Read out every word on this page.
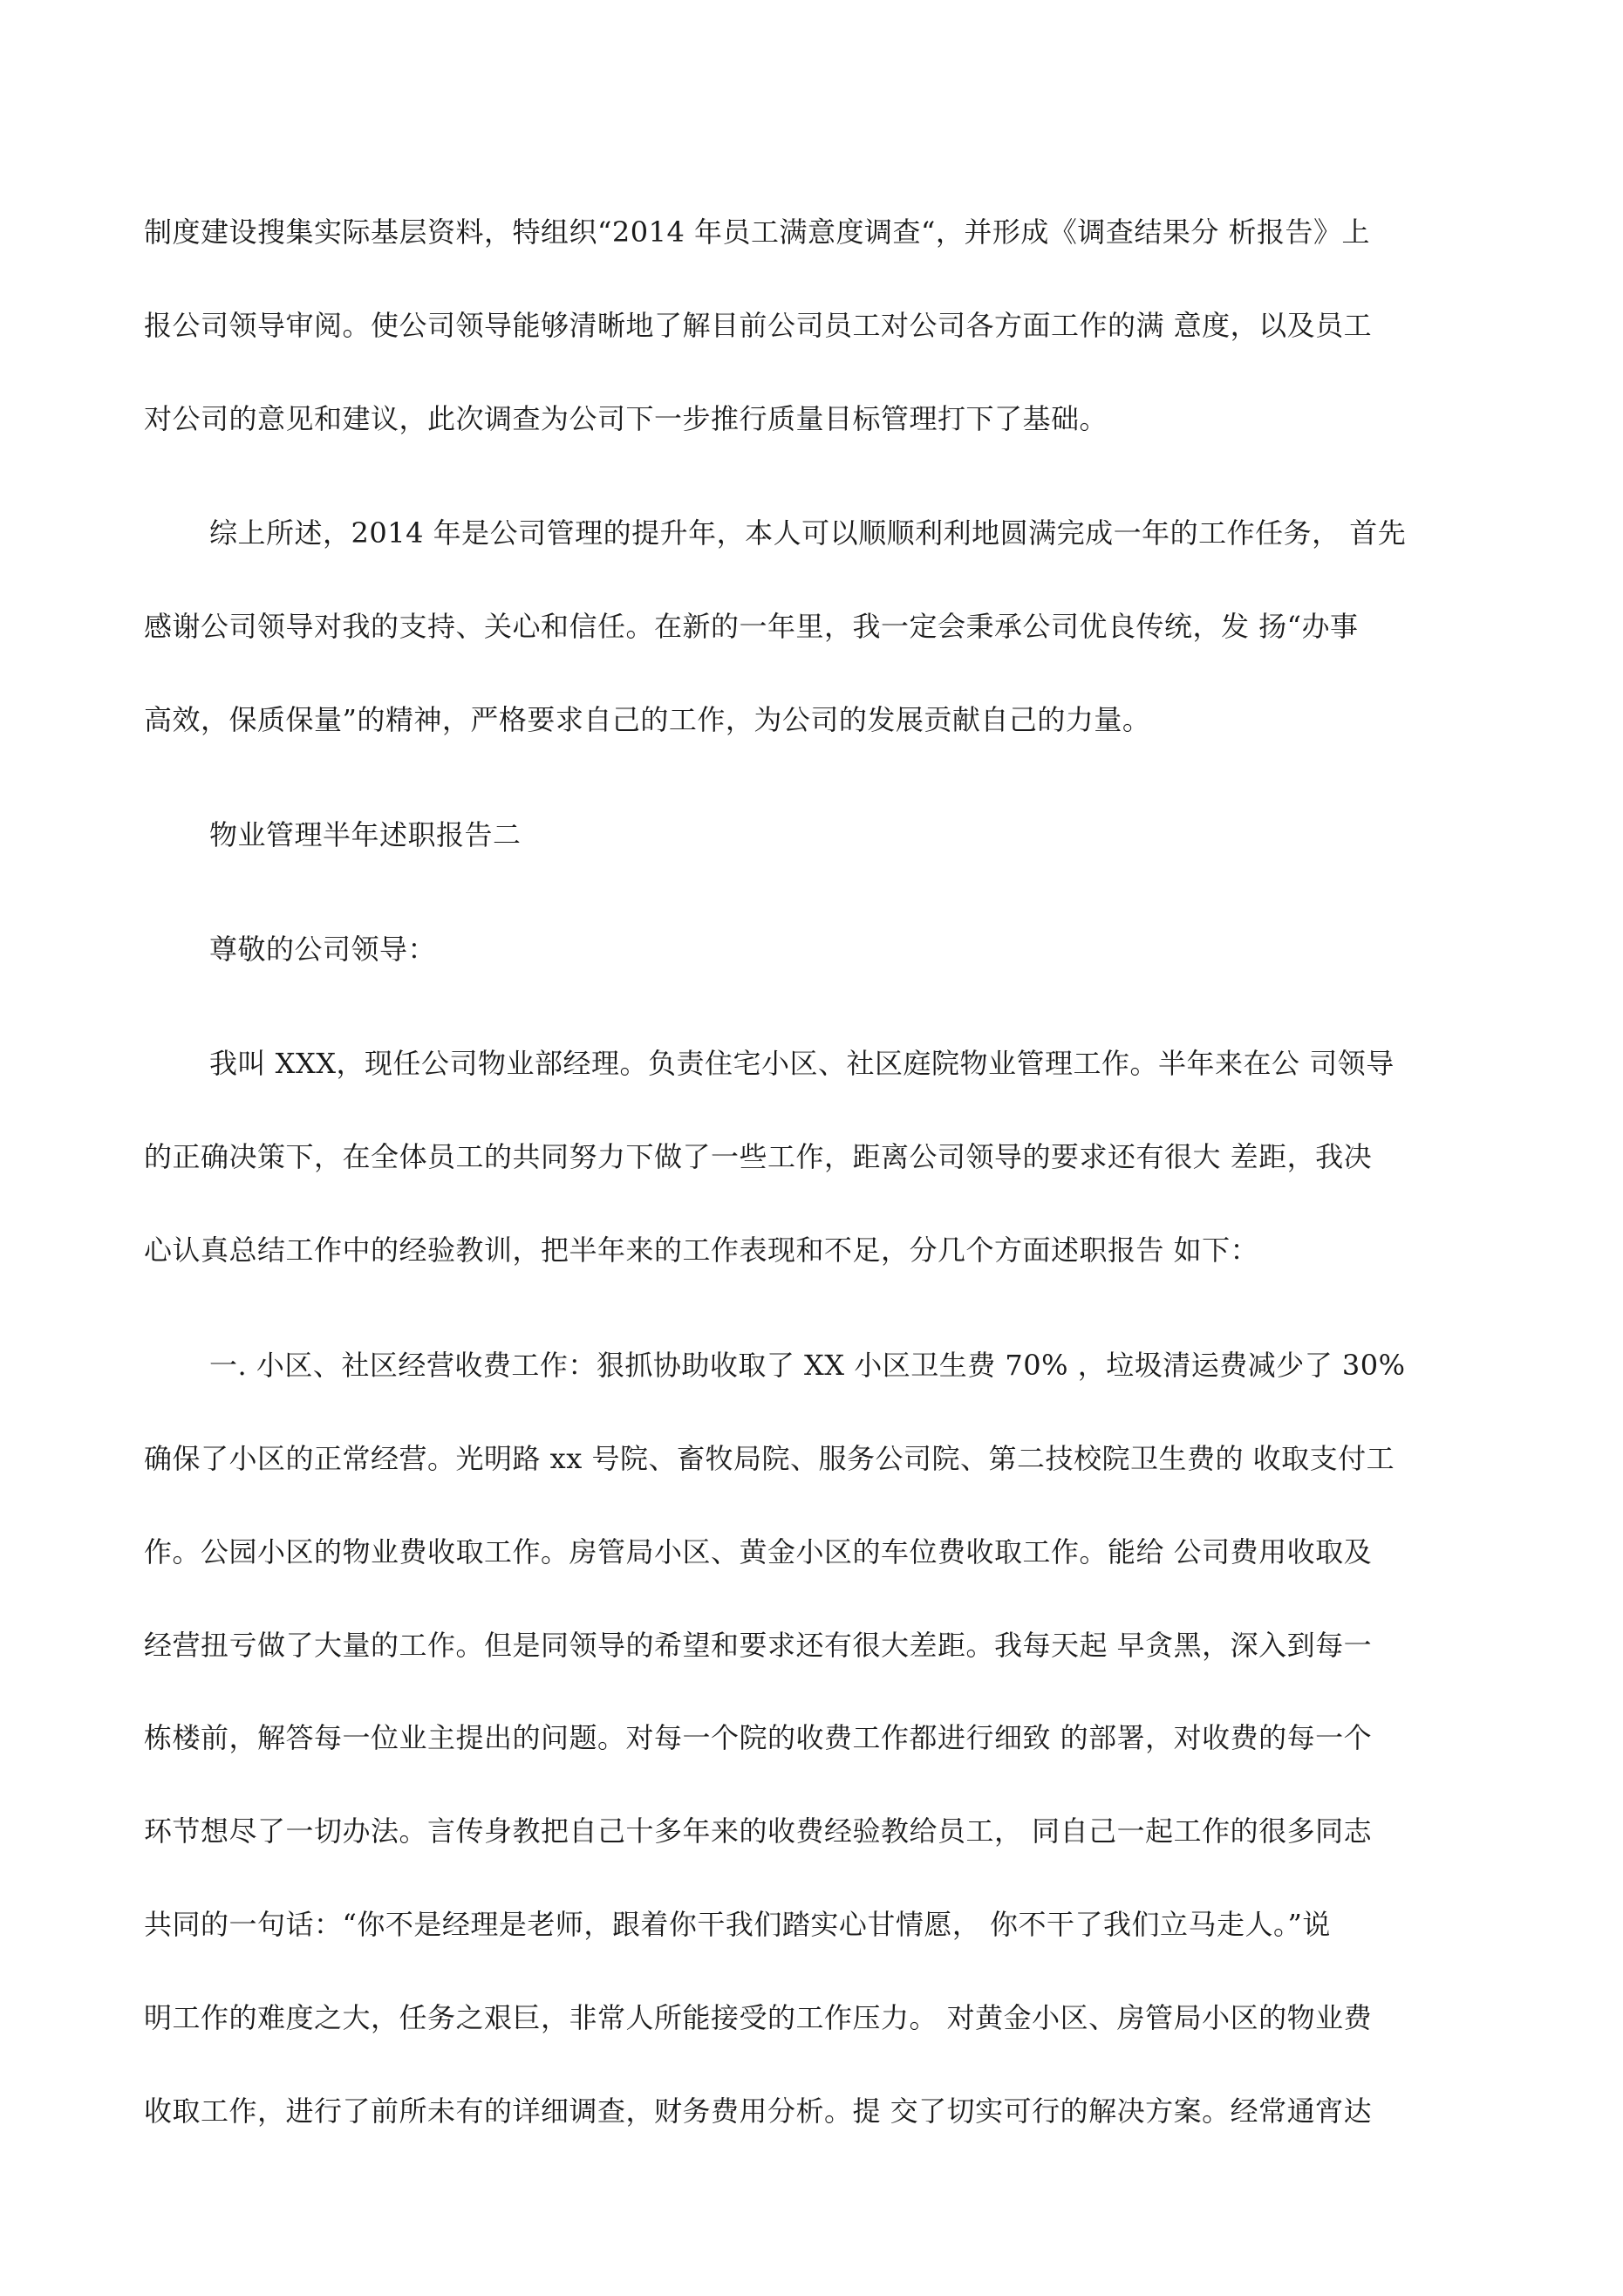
制度建设搜集实际基层资料，特组织“2014 年员工满意度调查“，并形成《调查结果分 析报告》上
报公司领导审阅。使公司领导能够清晰地了解目前公司员工对公司各方面工作的满 意度，以及员工
对公司的意见和建议，此次调查为公司下一步推行质量目标管理打下了基础。
综上所述，2014 年是公司管理的提升年，本人可以顺顺利利地圆满完成一年的工作任务， 首先
感谢公司领导对我的支持、关心和信任。在新的一年里，我一定会秉承公司优良传统，发 扬“办事
高效，保质保量”的精神，严格要求自己的工作，为公司的发展贡献自己的力量。
物业管理半年述职报告二
尊敬的公司领导：
我叫 XXX，现任公司物业部经理。负责住宅小区、社区庭院物业管理工作。半年来在公 司领导
的正确决策下，在全体员工的共同努力下做了一些工作，距离公司领导的要求还有很大 差距，我决
心认真总结工作中的经验教训，把半年来的工作表现和不足，分几个方面述职报告 如下：
一. 小区、社区经营收费工作：狠抓协助收取了 XX 小区卫生费 70% ，垃圾清运费减少了 30%
确保了小区的正常经营。光明路 xx 号院、畜牧局院、服务公司院、第二技校院卫生费的 收取支付工
作。公园小区的物业费收取工作。房管局小区、黄金小区的车位费收取工作。能给 公司费用收取及
经营扭亏做了大量的工作。但是同领导的希望和要求还有很大差距。我每天起 早贪黑，深入到每一
栋楼前，解答每一位业主提出的问题。对每一个院的收费工作都进行细致 的部署，对收费的每一个
环节想尽了一切办法。言传身教把自己十多年来的收费经验教给员工， 同自己一起工作的很多同志
共同的一句话：“你不是经理是老师，跟着你干我们踏实心甘情愿， 你不干了我们立马走人。”说
明工作的难度之大，任务之艰巨，非常人所能接受的工作压力。 对黄金小区、房管局小区的物业费
收取工作，进行了前所未有的详细调查，财务费用分析。提 交了切实可行的解决方案。经常通宵达
